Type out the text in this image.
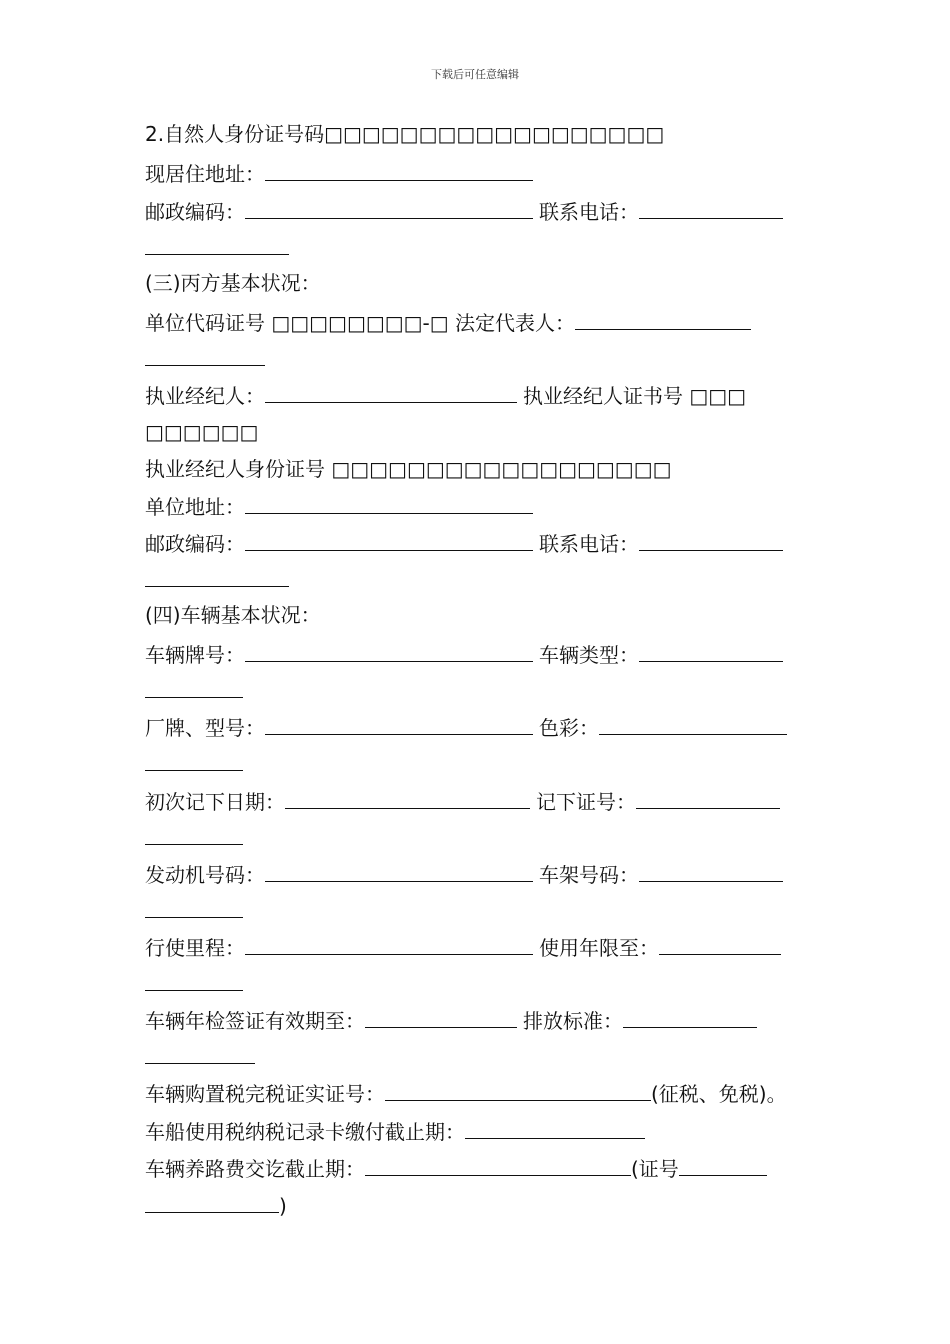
下载后可任意编辑
2.自然人身份证号码□□□□□□□□□□□□□□□□□□
现居住地址：
邮政编码：	联系电话：
(三)丙方基本状况：
单位代码证号 □□□□□□□□-□ 法定代表人：
执业经纪人：	执业经纪人证书号 □□□
□□□□□□
执业经纪人身份证号 □□□□□□□□□□□□□□□□□□
单位地址：
邮政编码：	联系电话：
(四)车辆基本状况：
车辆牌号：	车辆类型：
厂牌、型号：	色彩：
初次记下日期：	记下证号：
发动机号码：	车架号码：
行使里程：	使用年限至：
车辆年检签证有效期至：	排放标准：
车辆购置税完税证实证号：	(征税、免税)。
车船使用税纳税记录卡缴付截止期：
车辆养路费交讫截止期：	(证号
)
